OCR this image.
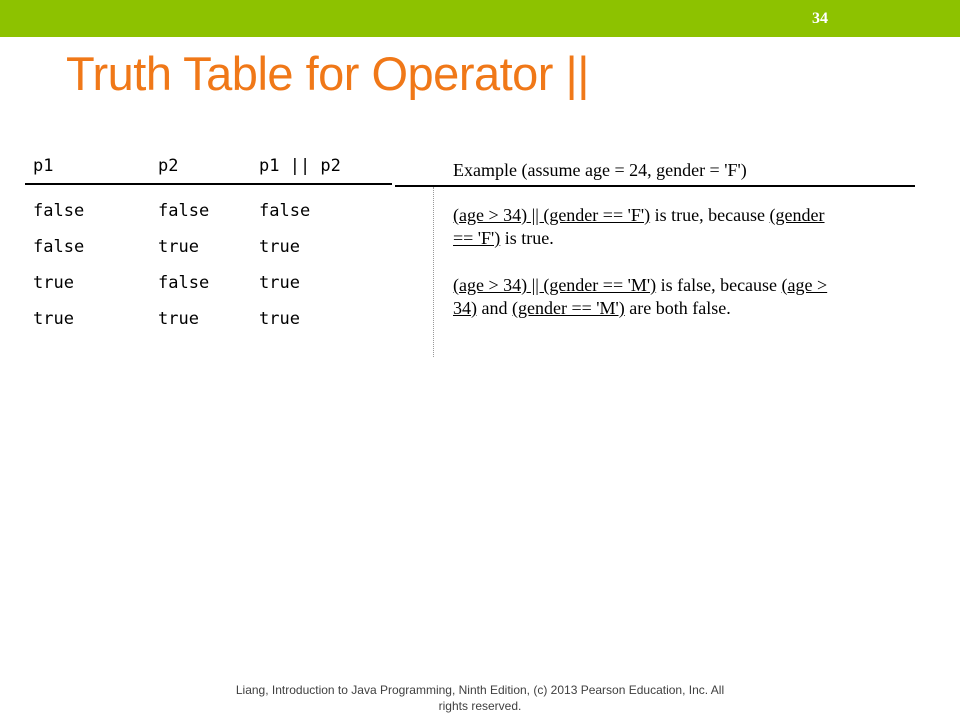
34
Truth Table for Operator ||
p1	p2	p1 || p2
false	false	false
false	true	true
true	false	true
true	true	true
Example (assume age = 24, gender = 'F')
(age > 34) || (gender == 'F') is true, because (gender
== 'F') is true.
(age > 34) || (gender == 'M') is false, because (age >
34) and (gender == 'M') are both false.
Liang, Introduction to Java Programming, Ninth Edition, (c) 2013 Pearson Education, Inc. All
rights reserved.
